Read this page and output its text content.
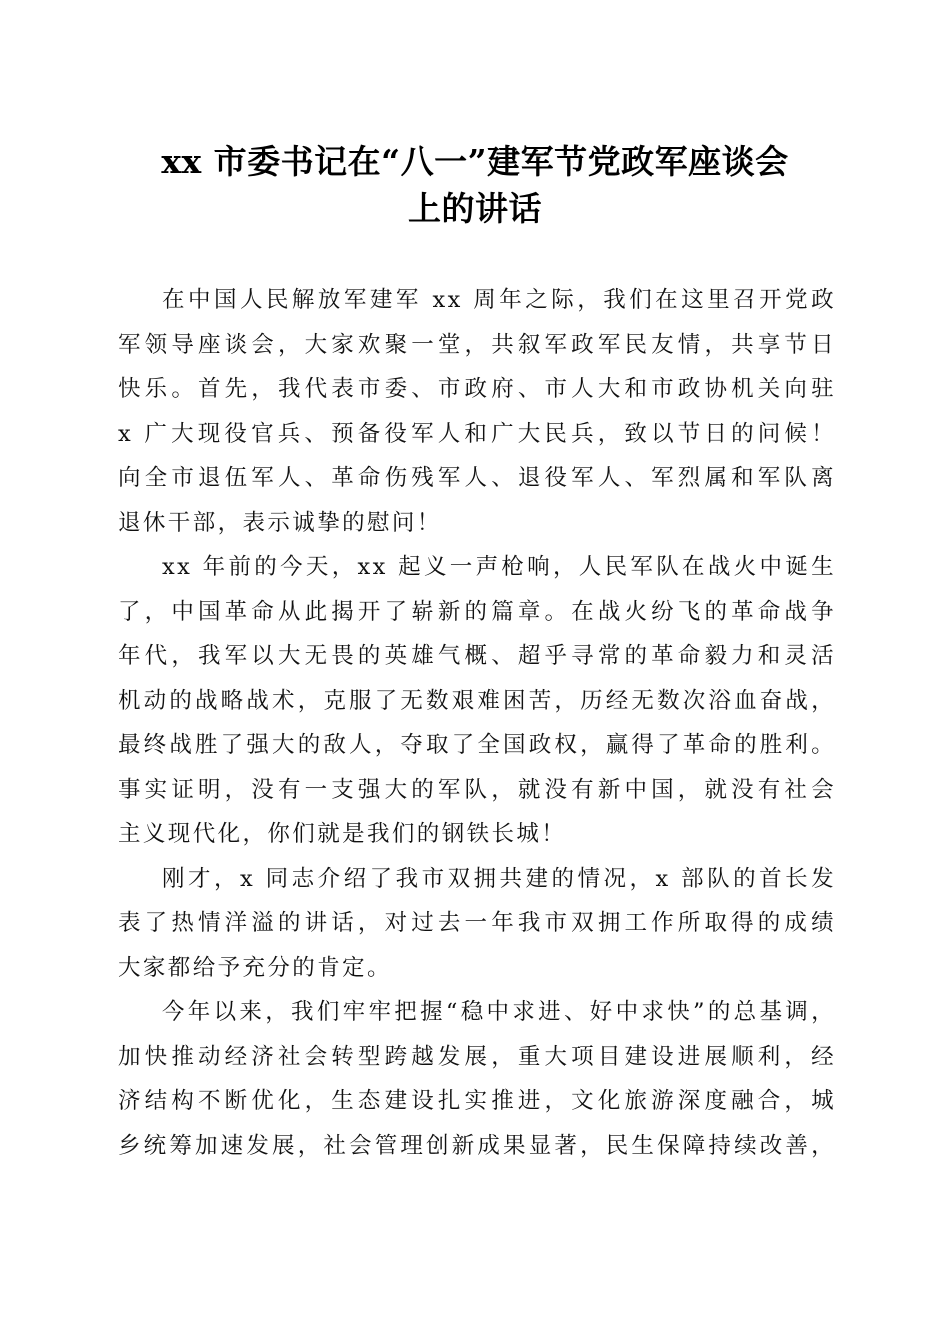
xx 市委书记在“八一”建军节党政军座谈会
上的讲话

在中国人民解放军建军 xx 周年之际，我们在这里召开党政
军领导座谈会，大家欢聚一堂，共叙军政军民友情，共享节日
快乐。首先，我代表市委、市政府、市人大和市政协机关向驻
x 广大现役官兵、预备役军人和广大民兵，致以节日的问候！
向全市退伍军人、革命伤残军人、退役军人、军烈属和军队离
退休干部，表示诚挚的慰问！

xx 年前的今天，xx 起义一声枪响，人民军队在战火中诞生
了，中国革命从此揭开了崭新的篇章。在战火纷飞的革命战争
年代，我军以大无畏的英雄气概、超乎寻常的革命毅力和灵活
机动的战略战术，克服了无数艰难困苦，历经无数次浴血奋战，
最终战胜了强大的敌人，夺取了全国政权，赢得了革命的胜利。
事实证明，没有一支强大的军队，就没有新中国，就没有社会
主义现代化，你们就是我们的钢铁长城！

刚才，x 同志介绍了我市双拥共建的情况，x 部队的首长发
表了热情洋溢的讲话，对过去一年我市双拥工作所取得的成绩
大家都给予充分的肯定。

今年以来，我们牢牢把握“稳中求进、好中求快”的总基调，
加快推动经济社会转型跨越发展，重大项目建设进展顺利，经
济结构不断优化，生态建设扎实推进，文化旅游深度融合，城
乡统筹加速发展，社会管理创新成果显著，民生保障持续改善，
